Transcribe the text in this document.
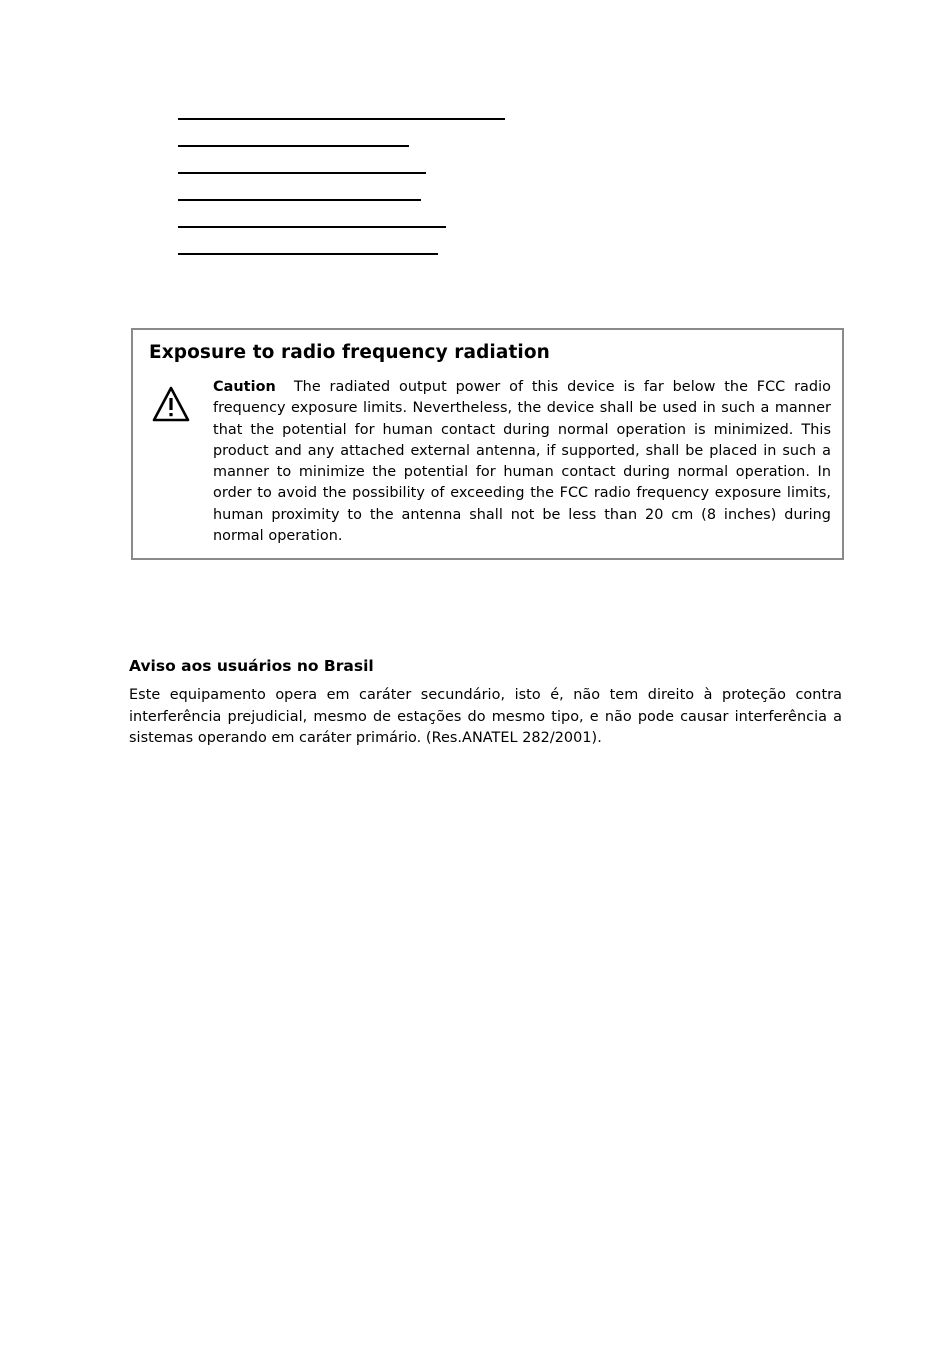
Exposure to radio frequency radiation
Caution The radiated output power of this device is far below the FCC radio frequency exposure limits. Nevertheless, the device shall be used in such a manner that the potential for human contact during normal operation is minimized. This product and any attached external antenna, if supported, shall be placed in such a manner to minimize the potential for human contact during normal operation. In order to avoid the possibility of exceeding the FCC radio frequency exposure limits, human proximity to the antenna shall not be less than 20 cm (8 inches) during normal operation.
Aviso aos usuários no Brasil
Este equipamento opera em caráter secundário, isto é, não tem direito à proteção contra interferência prejudicial, mesmo de estações do mesmo tipo, e não pode causar interferência a sistemas operando em caráter primário. (Res.ANATEL 282/2001).
